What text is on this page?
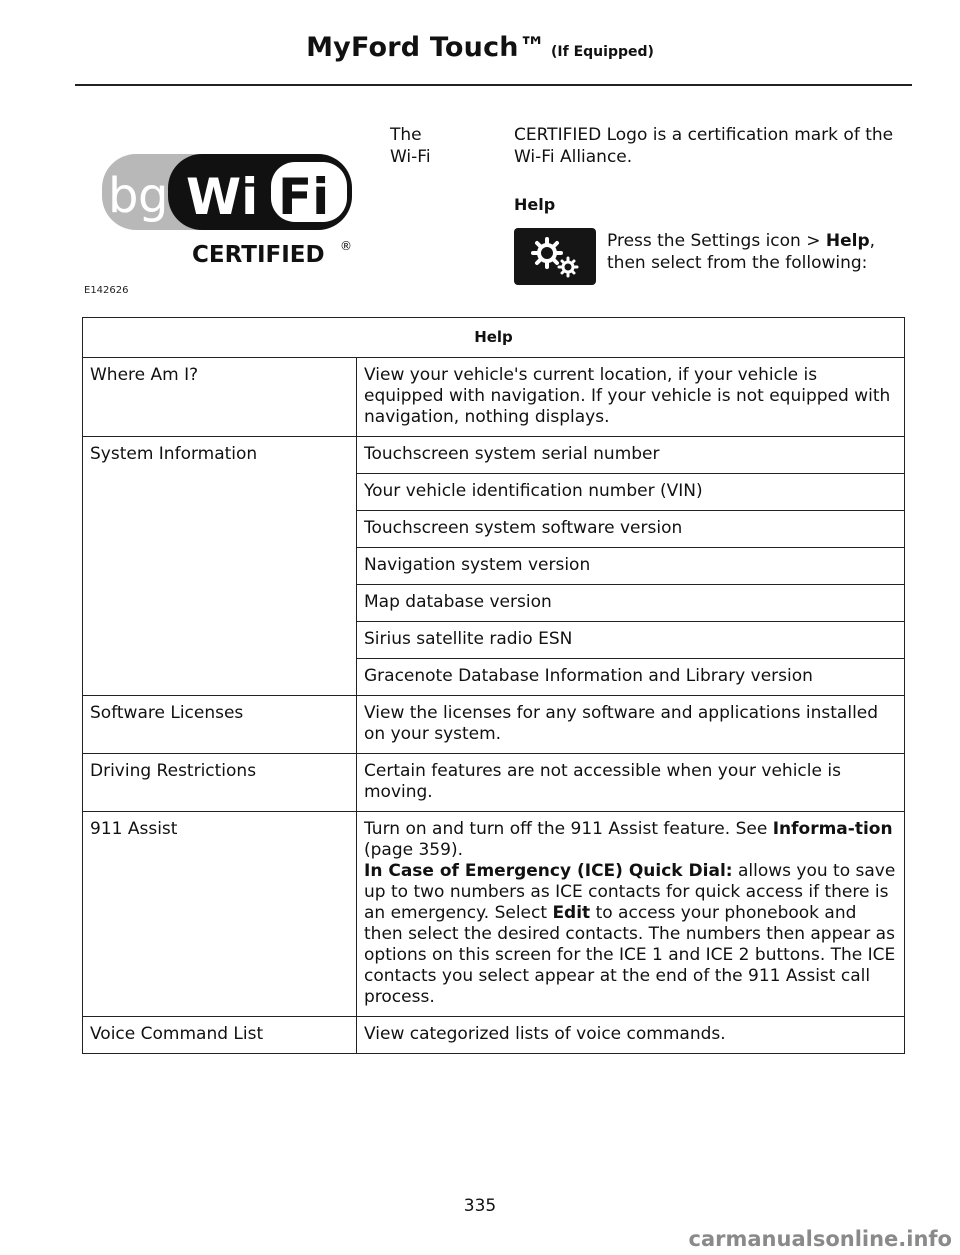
MyFord Touch™ (If Equipped)
b g Wi Fi
CERTIFIED ®
E142626
The
Wi-Fi
CERTIFIED Logo is a certification mark of the Wi-Fi Alliance.
Help
Press the Settings icon > Help, then select from the following:
Help	
Where Am I?	View your vehicle's current location, if your vehicle is equipped with navigation. If your vehicle is not equipped with navigation, nothing displays.
System Information	Touchscreen system serial number
	Your vehicle identification number (VIN)
	Touchscreen system software version
	Navigation system version
	Map database version
	Sirius satellite radio ESN
	Gracenote Database Information and Library version
Software Licenses	View the licenses for any software and applications installed on your system.
Driving Restrictions	Certain features are not accessible when your vehicle is moving.
911 Assist	Turn on and turn off the 911 Assist feature. See Informa-tion (page 359).
In Case of Emergency (ICE) Quick Dial: allows you to save up to two numbers as ICE contacts for quick access if there is an emergency. Select Edit to access your phonebook and then select the desired contacts. The numbers then appear as options on this screen for the ICE 1 and ICE 2 buttons. The ICE contacts you select appear at the end of the 911 Assist call process.

Voice Command List	View categorized lists of voice commands.
335
carmanualsonline.info
